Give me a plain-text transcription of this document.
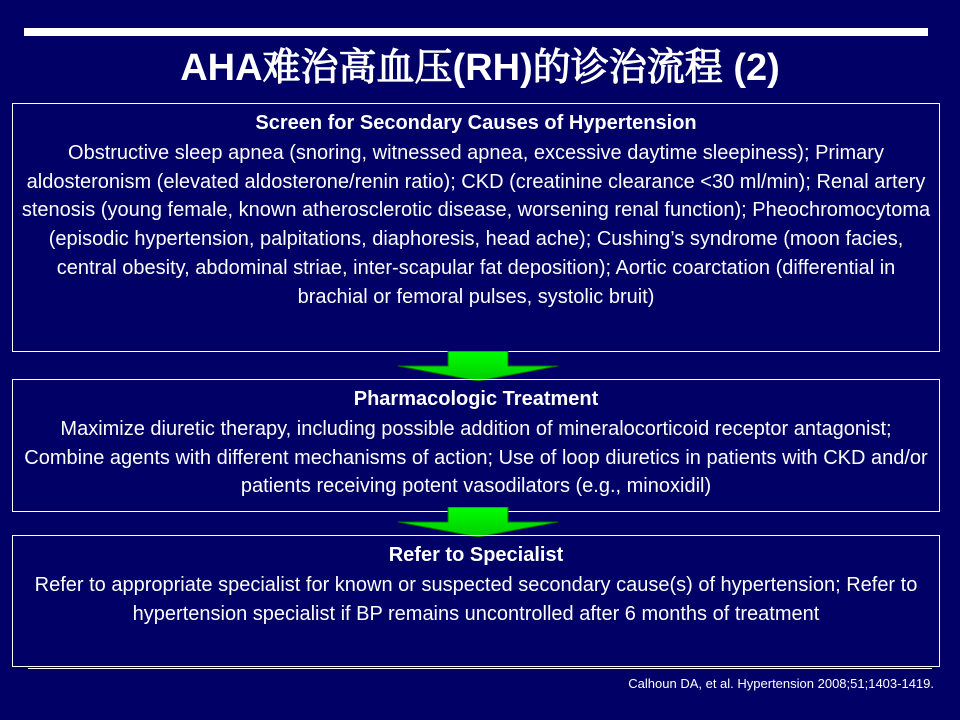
AHA难治高血压(RH)的诊治流程 (2)
Screen for Secondary Causes of Hypertension
Obstructive sleep apnea (snoring, witnessed apnea, excessive daytime sleepiness); Primary aldosteronism (elevated aldosterone/renin ratio); CKD (creatinine clearance <30 ml/min); Renal artery stenosis (young female, known atherosclerotic disease, worsening renal function); Pheochromocytoma (episodic hypertension, palpitations, diaphoresis, head ache); Cushing’s syndrome (moon facies, central obesity, abdominal striae, inter-scapular fat deposition); Aortic coarctation (differential in brachial or femoral pulses, systolic bruit)
Pharmacologic Treatment
Maximize diuretic therapy, including possible addition of mineralocorticoid receptor antagonist; Combine agents with different mechanisms of action; Use of loop diuretics in patients with CKD and/or patients receiving potent vasodilators (e.g., minoxidil)
Refer to Specialist
Refer to appropriate specialist for known or suspected secondary cause(s) of hypertension; Refer to hypertension specialist if BP remains uncontrolled after 6 months of treatment
Calhoun DA, et al. Hypertension 2008;51;1403-1419.
